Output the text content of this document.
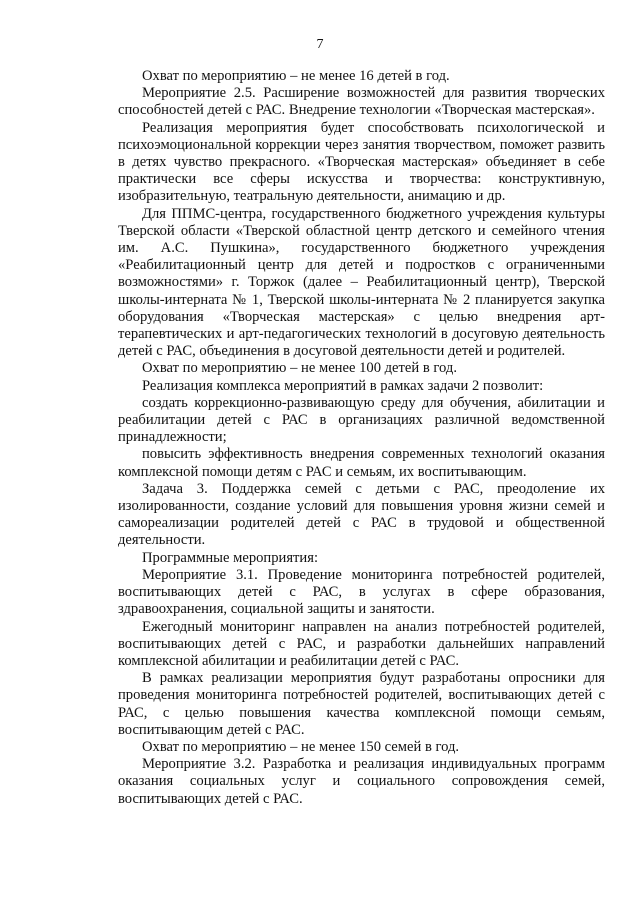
7

Охват по мероприятию – не менее 16 детей в год.

Мероприятие 2.5. Расширение возможностей для развития творческих способностей детей с РАС. Внедрение технологии «Творческая мастерская».

Реализация мероприятия будет способствовать психологической и психоэмоциональной коррекции через занятия творчеством, поможет развить в детях чувство прекрасного. «Творческая мастерская» объединяет в себе практически все сферы искусства и творчества: конструктивную, изобразительную, театральную деятельности, анимацию и др.

Для ППМС-центра, государственного бюджетного учреждения культуры Тверской области «Тверской областной центр детского и семейного чтения им. А.С. Пушкина», государственного бюджетного учреждения «Реабилитационный центр для детей и подростков с ограниченными возможностями» г. Торжок (далее – Реабилитационный центр), Тверской школы-интерната № 1, Тверской школы-интерната № 2 планируется закупка оборудования «Творческая мастерская» с целью внедрения арт-терапевтических и арт-педагогических технологий в досуговую деятельность детей с РАС, объединения в досуговой деятельности детей и родителей.

Охват по мероприятию – не менее 100 детей в год.

Реализация комплекса мероприятий в рамках задачи 2 позволит:

создать коррекционно-развивающую среду для обучения, абилитации и реабилитации детей с РАС в организациях различной ведомственной принадлежности;

повысить эффективность внедрения современных технологий оказания комплексной помощи детям с РАС и семьям, их воспитывающим.

Задача 3. Поддержка семей с детьми с РАС, преодоление их изолированности, создание условий для повышения уровня жизни семей и самореализации родителей детей с РАС в трудовой и общественной деятельности.

Программные мероприятия:

Мероприятие 3.1. Проведение мониторинга потребностей родителей, воспитывающих детей с РАС, в услугах в сфере образования, здравоохранения, социальной защиты и занятости.

Ежегодный мониторинг направлен на анализ потребностей родителей, воспитывающих детей с РАС, и разработки дальнейших направлений комплексной абилитации и реабилитации детей с РАС.

В рамках реализации мероприятия будут разработаны опросники для проведения мониторинга потребностей родителей, воспитывающих детей с РАС, с целью повышения качества комплексной помощи семьям, воспитывающим детей с РАС.

Охват по мероприятию – не менее 150 семей в год.

Мероприятие 3.2. Разработка и реализация индивидуальных программ оказания социальных услуг и социального сопровождения семей, воспитывающих детей с РАС.
